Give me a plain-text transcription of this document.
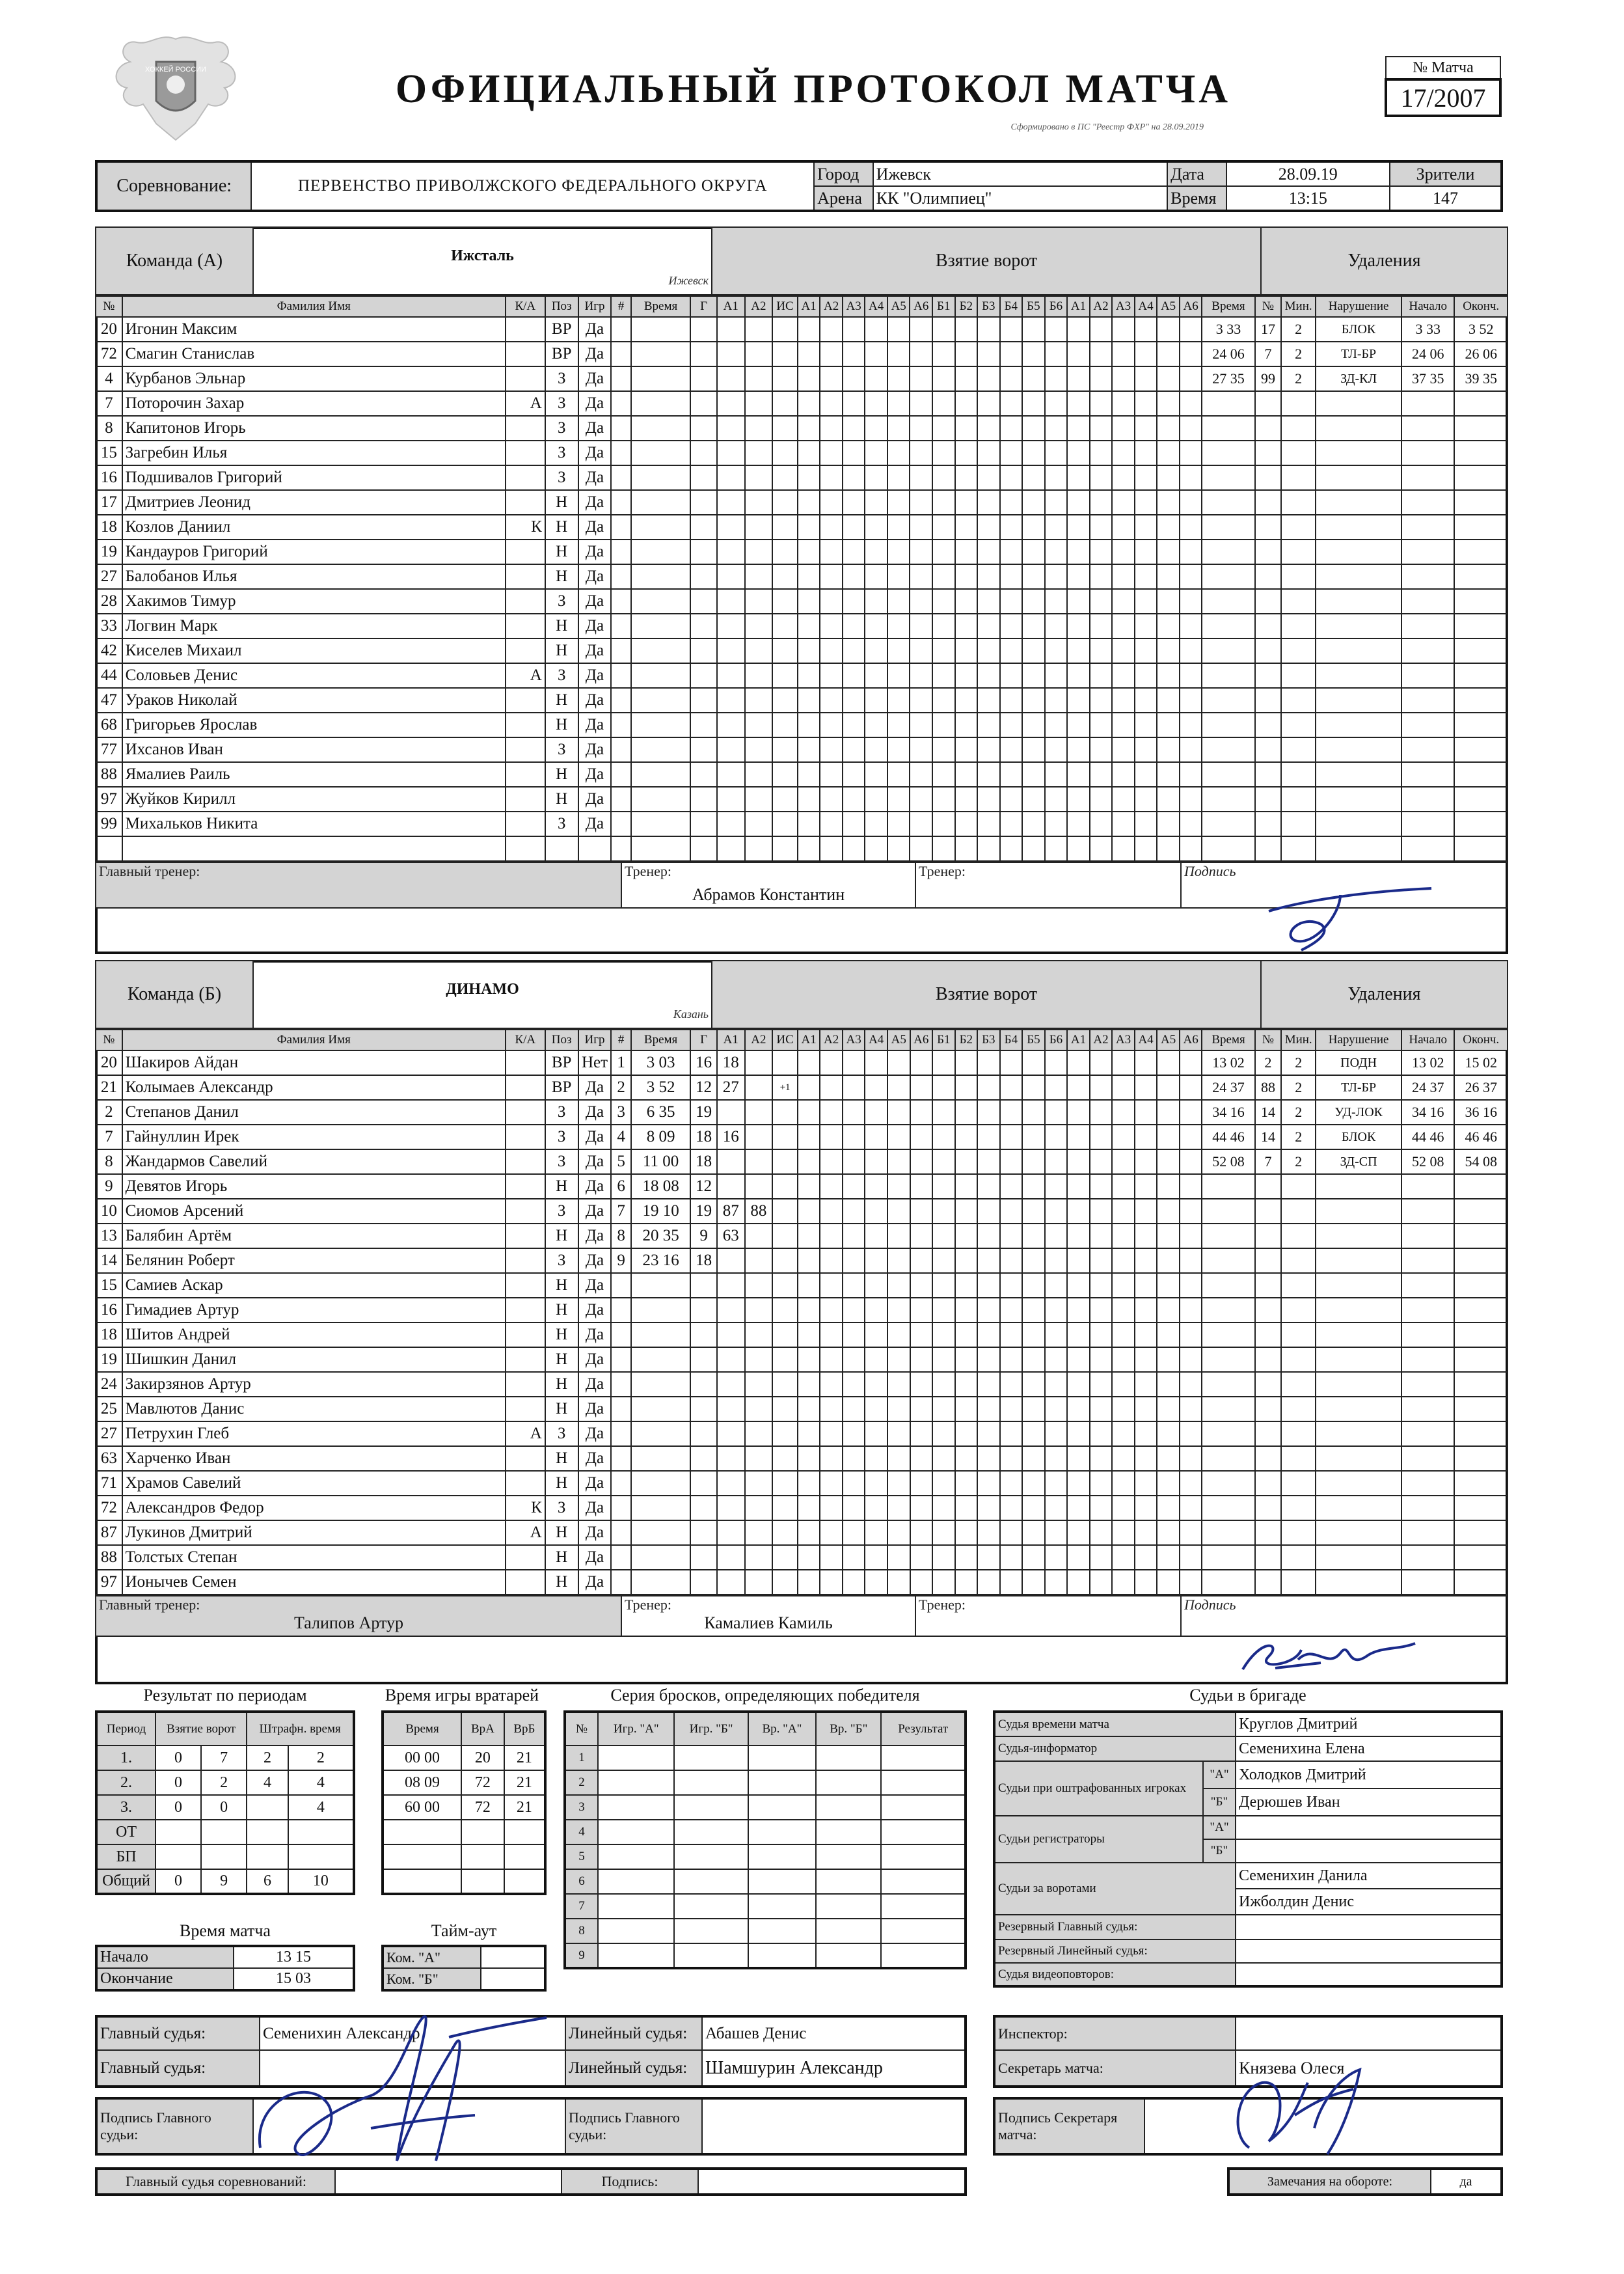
ХОККЕЙ РОССИИ	ОФИЦИАЛЬНЫЙ ПРОТОКОЛ МАТЧА
Сформировано в ПС "Реестр ФХР" на 28.09.2019
№ Матча
17/2007
Соревнование:	ПЕРВЕНСТВО ПРИВОЛЖСКОГО ФЕДЕРАЛЬНОГО ОКРУГА	Город	Ижевск	Дата	28.09.19	Зрители
		Арена	КК "Олимпиец"	Время	13:15	147
Команда (А)	Ижсталь
Ижевск
	Взятие ворот	Удаления
№	Фамилия Имя	К/А	Поз	Игр	#	Время	Г	А1	А2	ИС	А1	А2	А3	А4	А5	А6	Б1	Б2	Б3	Б4	Б5	Б6	А1	А2	А3	А4	А5	А6	Время	№	Мин.	Нарушение	Начало	Оконч.
20	Игонин Максим		ВР	Да																									3 33	17	2	БЛОК	3 33	3 52
72	Смагин Станислав		ВР	Да																									24 06	7	2	ТЛ-БР	24 06	26 06
4	Курбанов Эльнар		З	Да																									27 35	99	2	ЗД-КЛ	37 35	39 35
7	Поторочин Захар	А	З	Да																														
8	Капитонов Игорь		З	Да																														
15	Загребин Илья		З	Да																														
16	Подшивалов Григорий		З	Да																														
17	Дмитриев Леонид		Н	Да																														
18	Козлов Даниил	К	Н	Да																														
19	Кандауров Григорий		Н	Да																														
27	Балобанов Илья		Н	Да																														
28	Хакимов Тимур		З	Да																														
33	Логвин Марк		Н	Да																														
42	Киселев Михаил		Н	Да																														
44	Соловьев Денис	А	З	Да																														
47	Ураков Николай		Н	Да																														
68	Григорьев Ярослав		Н	Да																														
77	Ихсанов Иван		З	Да																														
88	Ямалиев Раиль		Н	Да																														
97	Жуйков Кирилл		Н	Да																														
99	Михальков Никита		З	Да																														

Главный тренер:	Тренер:
Абрамов Константин
	Тренер:	Подпись
Команда (Б)	ДИНАМО
Казань
	Взятие ворот	Удаления
№	Фамилия Имя	К/А	Поз	Игр	#	Время	Г	А1	А2	ИС	А1	А2	А3	А4	А5	А6	Б1	Б2	Б3	Б4	Б5	Б6	А1	А2	А3	А4	А5	А6	Время	№	Мин.	Нарушение	Начало	Оконч.
20	Шакиров Айдан		ВР	Нет	1	3 03	16	18																					13 02	2	2	ПОДН	13 02	15 02
21	Колымаев Александр		ВР	Да	2	3 52	12	27		+1																			24 37	88	2	ТЛ-БР	24 37	26 37
2	Степанов Данил		З	Да	3	6 35	19																						34 16	14	2	УД-ЛОК	34 16	36 16
7	Гайнуллин Ирек		З	Да	4	8 09	18	16																					44 46	14	2	БЛОК	44 46	46 46
8	Жандармов Савелий		З	Да	5	11 00	18																						52 08	7	2	ЗД-СП	52 08	54 08
9	Девятов Игорь		Н	Да	6	18 08	12																											
10	Сиомов Арсений		З	Да	7	19 10	19	87	88																									
13	Балябин Артём		Н	Да	8	20 35	9	63																										
14	Белянин Роберт		З	Да	9	23 16	18																											
15	Самиев Аскар		Н	Да																														
16	Гимадиев Артур		Н	Да																														
18	Шитов Андрей		Н	Да																														
19	Шишкин Данил		Н	Да																														
24	Закирзянов Артур		Н	Да																														
25	Мавлютов Данис		Н	Да																														
27	Петрухин Глеб	А	З	Да																														
63	Харченко Иван		Н	Да																														
71	Храмов Савелий		Н	Да																														
72	Александров Федор	К	З	Да																														
87	Лукинов Дмитрий	А	Н	Да																														
88	Толстых Степан		Н	Да																														
97	Ионычев Семен		Н	Да																														
Главный тренер:
Талипов Артур

Тренер:
Камалиев Камиль
	Тренер:	Подпись
Результат по периодам
Период	Взятие ворот		Штрафн. время	
1.	0	7	2	2
2.	0	2	4	4
3.	0	0		4
ОТ				
БП				
Общий	0	9	6	10
Время игры вратарей
Время	ВрА	ВрБ
00 00	20	21
08 09	72	21
60 00	72	21

Время матча
Начало	13 15
Окончание	15 03
Тайм-аут
Ком. "А"	
Ком. "Б"	
Серия бросков, определяющих победителя
№	Игр. "А"	Игр. "Б"	Вр. "А"	Вр. "Б"	Результат
1					
2					
3					
4					
5					
6					
7					
8					
9					
Судьи в бригаде
Судья времени матча		Круглов Дмитрий
Судья-информатор		Семенихина Елена
Судьи при оштрафованных игроках	"А"	Холодков Дмитрий
	"Б"	Дерюшев Иван
Судьи регистраторы	"А"	
	"Б"	
Судьи за воротами		Семенихин Данила
		Ижболдин Денис
Резервный Главный судья:		
Резервный Линейный судья:		
Судья видеоповторов:		
Главный судья:	Семенихин Александр	Линейный судья:	Абашев Денис
Главный судья:		Линейный судья:	Шамшурин Александр
Подпись Главного судьи:		Подпись Главного судьи:	
Главный судья соревнований:		Подпись:	
Инспектор:	
Секретарь матча:	Князева Олеся
Подпись Секретаря матча:	
Замечания на обороте:	да
